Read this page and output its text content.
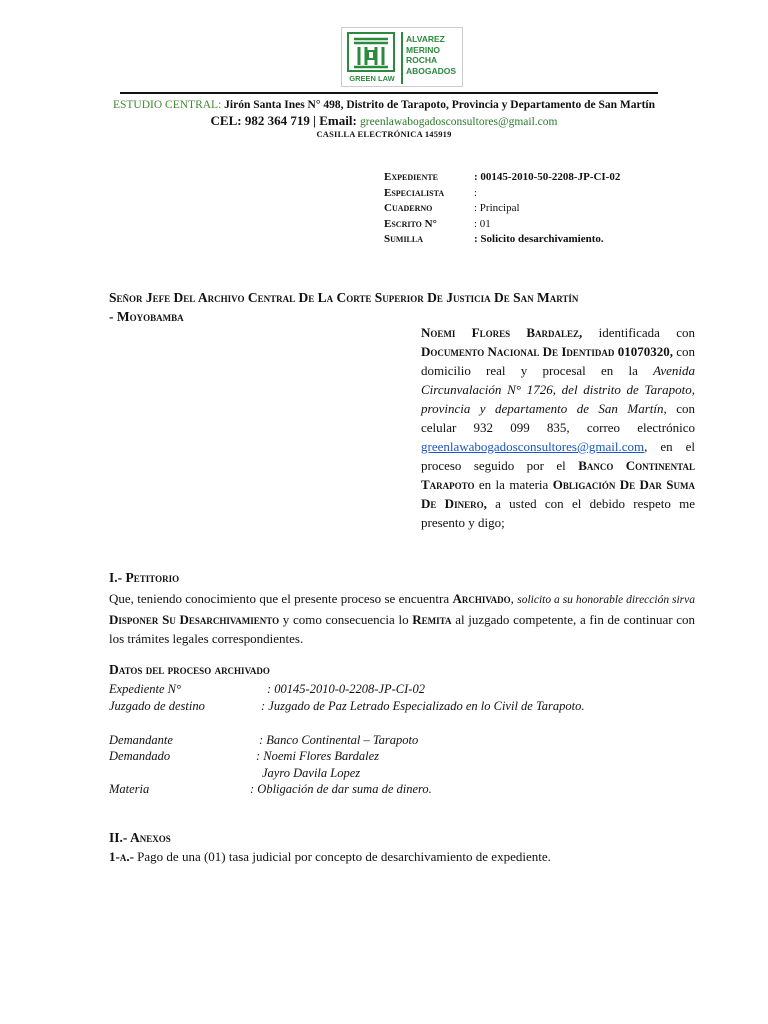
GREEN LAW
ALVAREZ
MERINO
ROCHA
ABOGADOS
ESTUDIO CENTRAL: Jirón Santa Ines N° 498, Distrito de Tarapoto, Provincia y Departamento de San Martín
CEL: 982 364 719 | Email: greenlawabogadosconsultores@gmail.com
CASILLA ELECTRÓNICA 145919
Expediente	: 00145-2010-50-2208-JP-CI-02
Especialista	:
Cuaderno	: Principal
Escrito N°	: 01
Sumilla	: Solicito desarchivamiento.
Señor Jefe Del Archivo Central De La Corte Superior De Justicia De San Martín
- Moyobamba
Noemi Flores Bardalez, identificada con Documento Nacional De Identidad 01070320, con domicilio real y procesal en la Avenida Circunvalación N° 1726, del distrito de Tarapoto, provincia y departamento de San Martín, con celular 932 099 835, correo electrónico greenlawabogadosconsultores@gmail.com, en el proceso seguido por el Banco Continental Tarapoto en la materia Obligación De Dar Suma De Dinero, a usted con el debido respeto me presento y digo;
I.- Petitorio
Que, teniendo conocimiento que el presente proceso se encuentra Archivado, solicito a su honorable dirección sirva Disponer Su Desarchivamiento y como consecuencia lo Remita al juzgado competente, a fin de continuar con los trámites legales correspondientes.
Datos del proceso archivado
Expediente N°	: 00145-2010-0-2208-JP-CI-02
Juzgado de destino	: Juzgado de Paz Letrado Especializado en lo Civil de Tarapoto.
Demandante	: Banco Continental – Tarapoto
Demandado	: Noemi Flores Bardalez
Jayro Davila Lopez
Materia	: Obligación de dar suma de dinero.
II.- Anexos
1-a.- Pago de una (01) tasa judicial por concepto de desarchivamiento de expediente.
